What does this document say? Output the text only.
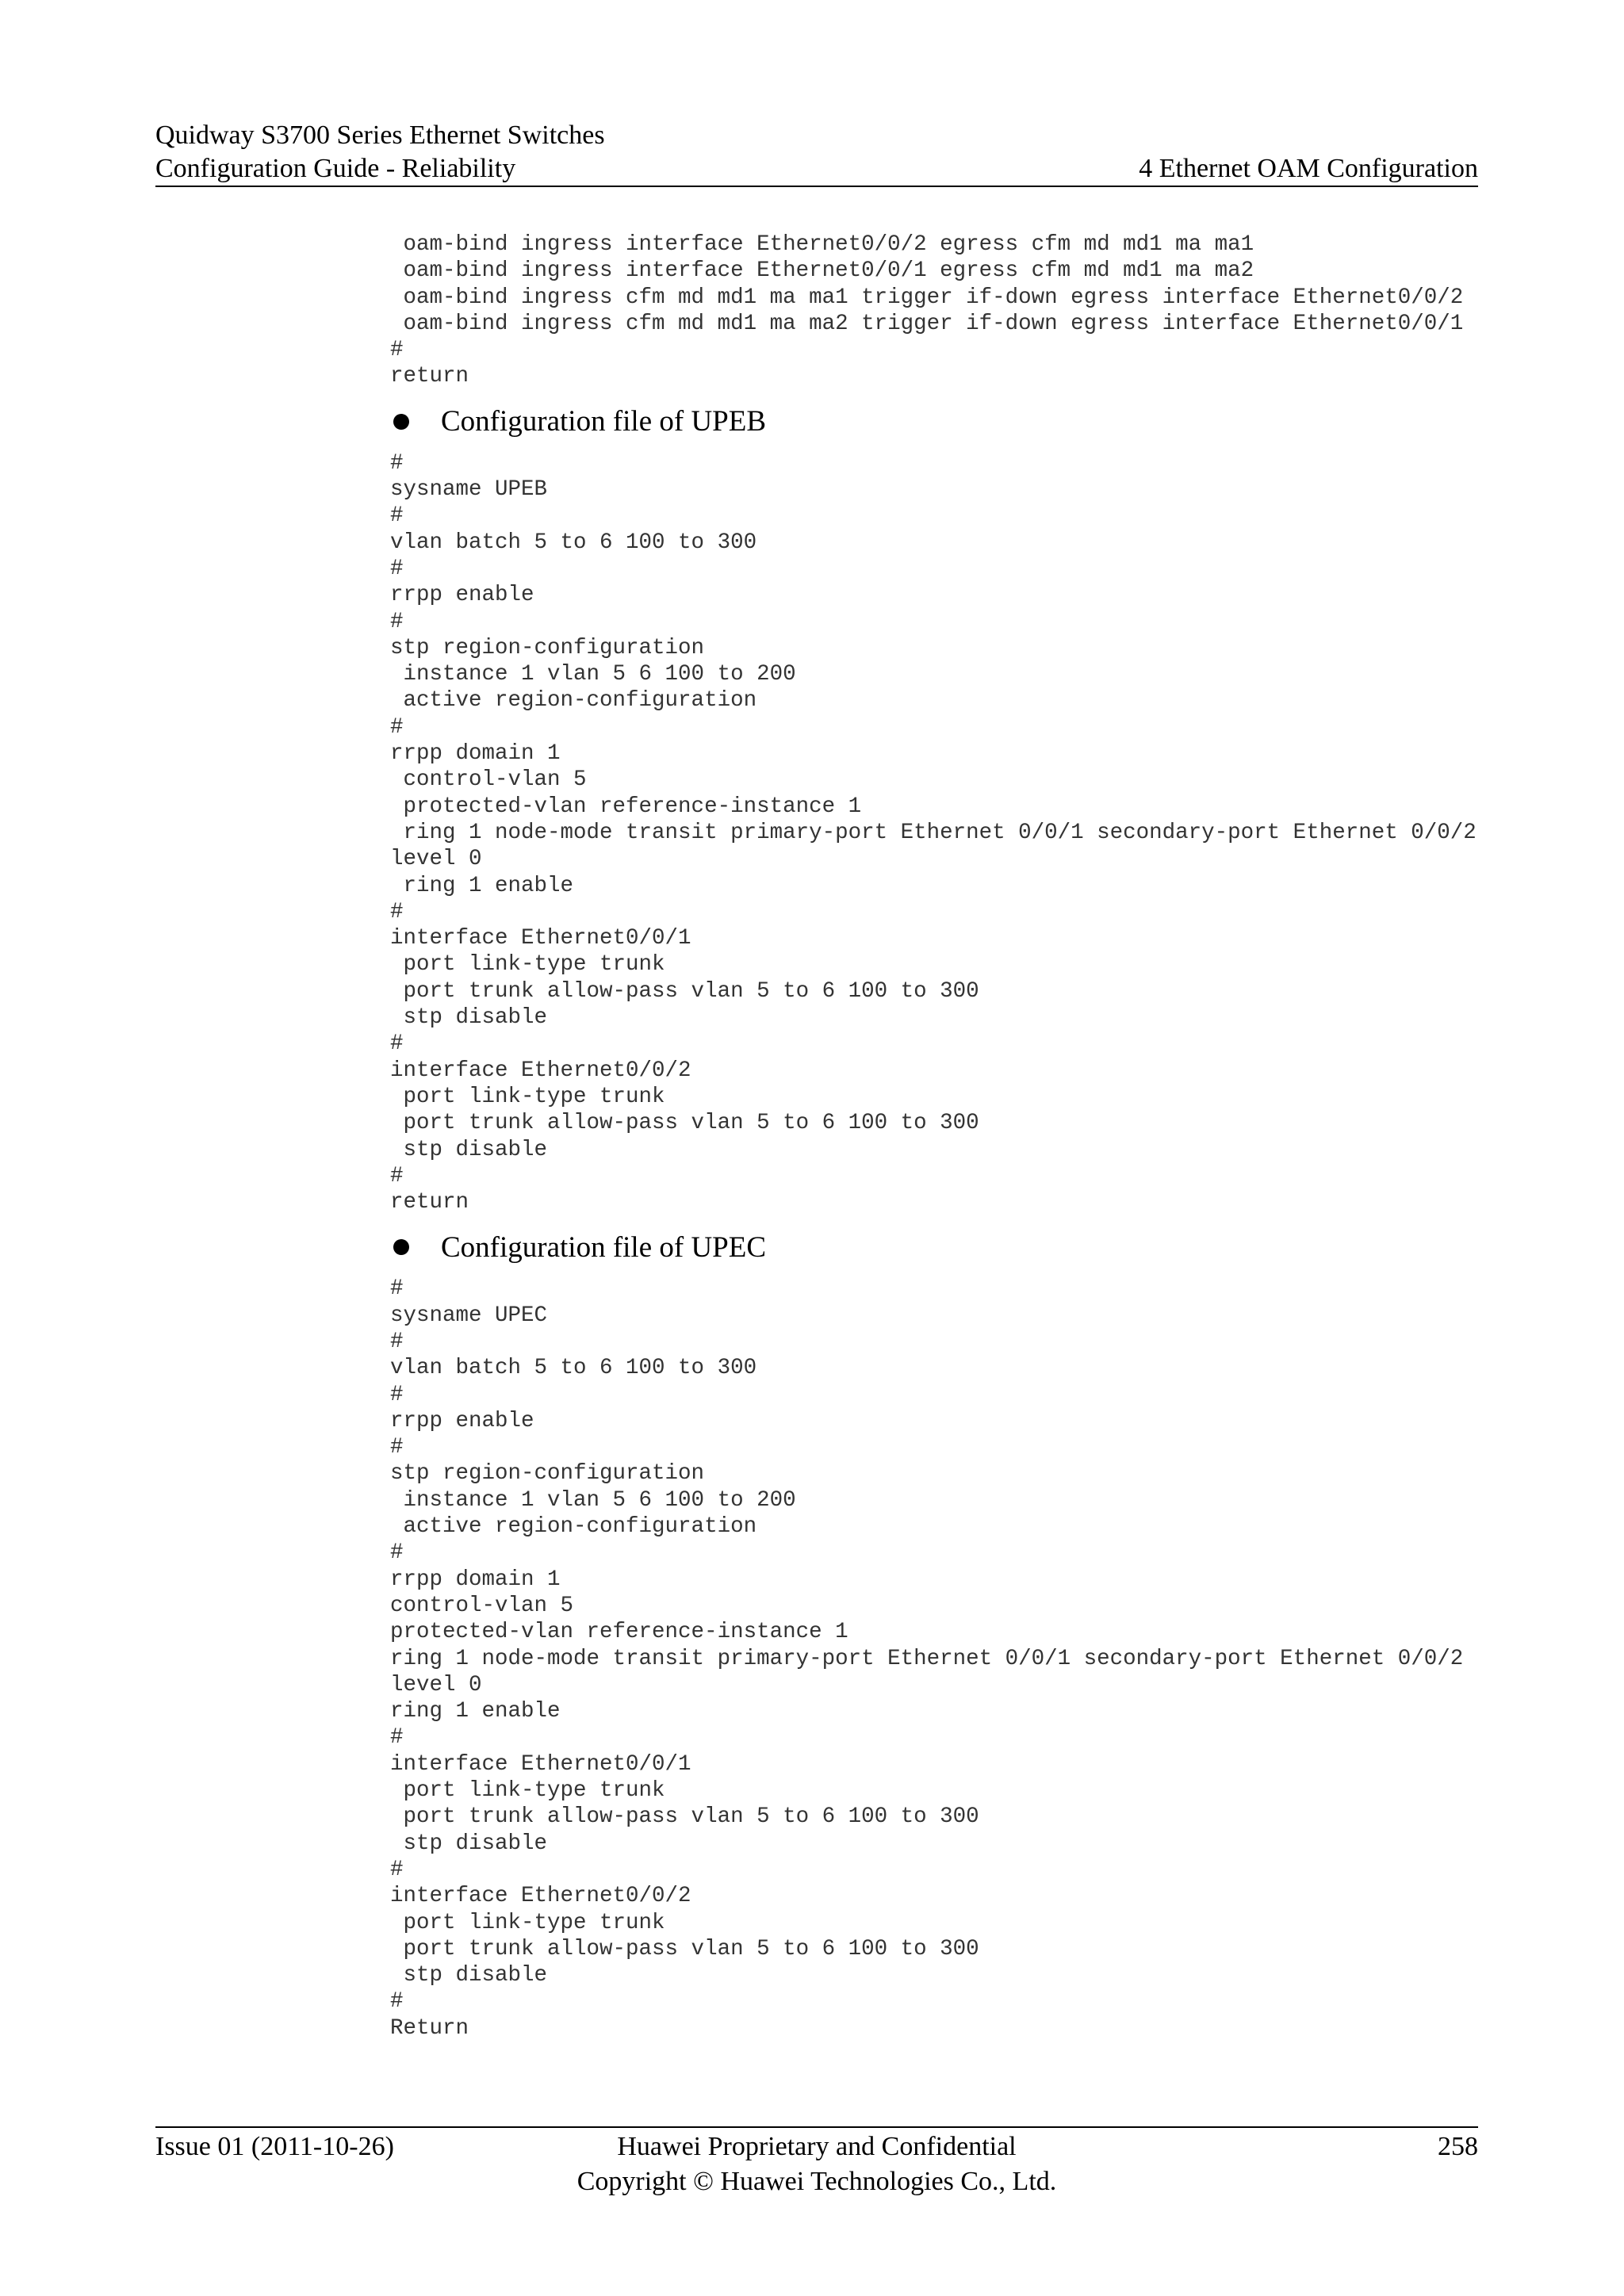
Quidway S3700 Series Ethernet Switches
Configuration Guide - Reliability	4 Ethernet OAM Configuration
oam-bind ingress interface Ethernet0/0/2 egress cfm md md1 ma ma1
oam-bind ingress interface Ethernet0/0/1 egress cfm md md1 ma ma2
oam-bind ingress cfm md md1 ma ma1 trigger if-down egress interface Ethernet0/0/2
oam-bind ingress cfm md md1 ma ma2 trigger if-down egress interface Ethernet0/0/1
#
return
Configuration file of UPEB
#
sysname UPEB
#
vlan batch 5 to 6 100 to 300
#
rrpp enable
#
stp region-configuration
instance 1 vlan 5 6 100 to 200
active region-configuration
#
rrpp domain 1
control-vlan 5
protected-vlan reference-instance 1
ring 1 node-mode transit primary-port Ethernet 0/0/1 secondary-port Ethernet 0/0/2
level 0
ring 1 enable
#
interface Ethernet0/0/1
port link-type trunk
port trunk allow-pass vlan 5 to 6 100 to 300
stp disable
#
interface Ethernet0/0/2
port link-type trunk
port trunk allow-pass vlan 5 to 6 100 to 300
stp disable
#
return
Configuration file of UPEC
#
sysname UPEC
#
vlan batch 5 to 6 100 to 300
#
rrpp enable
#
stp region-configuration
instance 1 vlan 5 6 100 to 200
active region-configuration
#
rrpp domain 1
control-vlan 5
protected-vlan reference-instance 1
ring 1 node-mode transit primary-port Ethernet 0/0/1 secondary-port Ethernet 0/0/2
level 0
ring 1 enable
#
interface Ethernet0/0/1
port link-type trunk
port trunk allow-pass vlan 5 to 6 100 to 300
stp disable
#
interface Ethernet0/0/2
port link-type trunk
port trunk allow-pass vlan 5 to 6 100 to 300
stp disable
#
Return
Issue 01 (2011-10-26)	Huawei Proprietary and Confidential
Copyright © Huawei Technologies Co., Ltd.
258
